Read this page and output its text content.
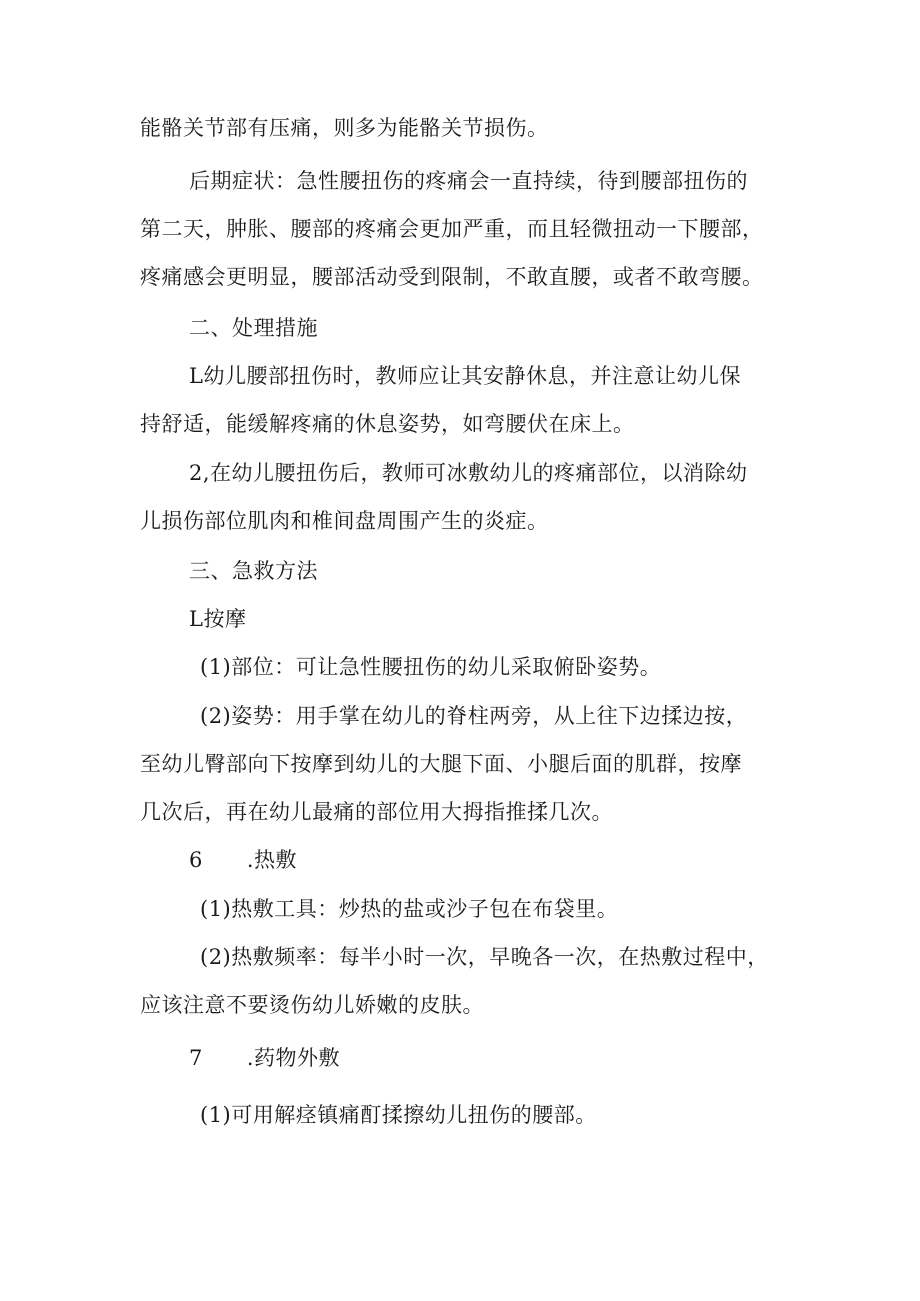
能骼关节部有压痛，则多为能骼关节损伤。

后期症状：急性腰扭伤的疼痛会一直持续，待到腰部扭伤的

第二天，肿胀、腰部的疼痛会更加严重，而且轻微扭动一下腰部，

疼痛感会更明显，腰部活动受到限制，不敢直腰，或者不敢弯腰。

二、处理措施

L幼儿腰部扭伤时，教师应让其安静休息，并注意让幼儿保

持舒适，能缓解疼痛的休息姿势，如弯腰伏在床上。

2,在幼儿腰扭伤后，教师可冰敷幼儿的疼痛部位，以消除幼

儿损伤部位肌肉和椎间盘周围产生的炎症。

三、急救方法

L按摩

(1)部位：可让急性腰扭伤的幼儿采取俯卧姿势。

(2)姿势：用手掌在幼儿的脊柱两旁，从上往下边揉边按，

至幼儿臀部向下按摩到幼儿的大腿下面、小腿后面的肌群，按摩

几次后，再在幼儿最痛的部位用大拇指推揉几次。

6 .热敷

(1)热敷工具：炒热的盐或沙子包在布袋里。

(2)热敷频率：每半小时一次，早晚各一次，在热敷过程中，

应该注意不要烫伤幼儿娇嫩的皮肤。

7 .药物外敷

(1)可用解痉镇痛酊揉擦幼儿扭伤的腰部。
